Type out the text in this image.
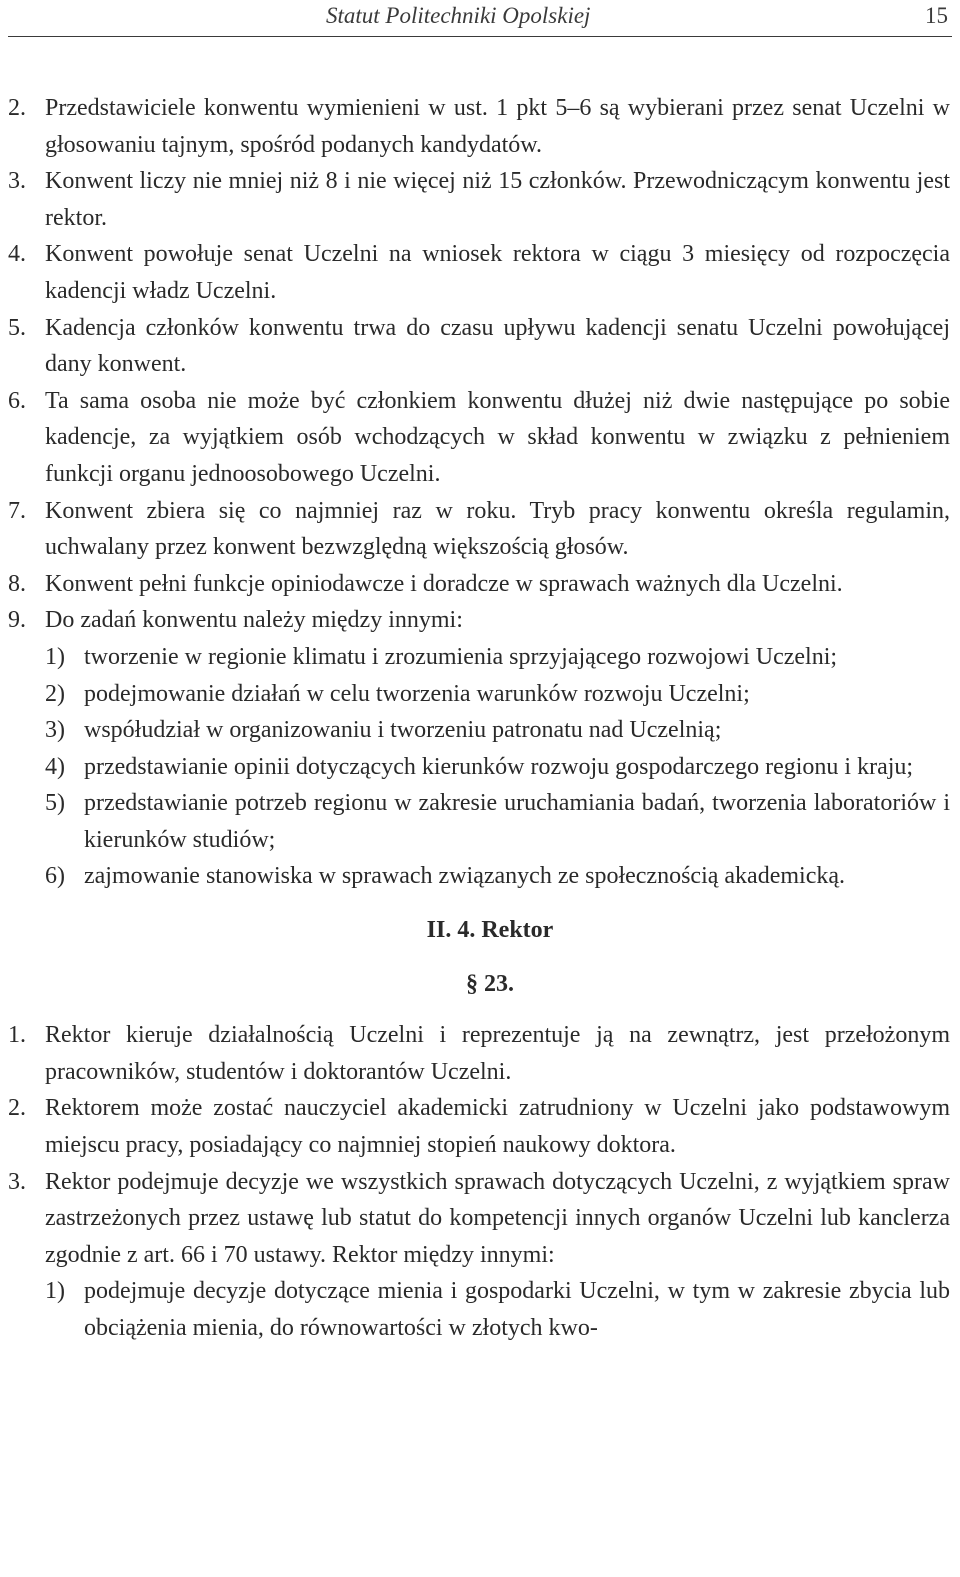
Statut Politechniki Opolskiej	15

2. Przedstawiciele konwentu wymienieni w ust. 1 pkt 5–6 są wybierani przez senat Uczelni w głosowaniu tajnym, spośród podanych kandydatów.

3. Konwent liczy nie mniej niż 8 i nie więcej niż 15 członków. Przewodniczącym konwentu jest rektor.

4. Konwent powołuje senat Uczelni na wniosek rektora w ciągu 3 miesięcy od rozpoczęcia kadencji władz Uczelni.

5. Kadencja członków konwentu trwa do czasu upływu kadencji senatu Uczelni powołującej dany konwent.

6. Ta sama osoba nie może być członkiem konwentu dłużej niż dwie następujące po sobie kadencje, za wyjątkiem osób wchodzących w skład konwentu w związku z pełnieniem funkcji organu jednoosobowego Uczelni.

7. Konwent zbiera się co najmniej raz w roku. Tryb pracy konwentu określa regulamin, uchwalany przez konwent bezwzględną większością głosów.

8. Konwent pełni funkcje opiniodawcze i doradcze w sprawach ważnych dla Uczelni.

9. Do zadań konwentu należy między innymi:

1) tworzenie w regionie klimatu i zrozumienia sprzyjającego rozwojowi Uczelni;

2) podejmowanie działań w celu tworzenia warunków rozwoju Uczelni;

3) współudział w organizowaniu i tworzeniu patronatu nad Uczelnią;

4) przedstawianie opinii dotyczących kierunków rozwoju gospodarczego regionu i kraju;

5) przedstawianie potrzeb regionu w zakresie uruchamiania badań, tworzenia laboratoriów i kierunków studiów;

6) zajmowanie stanowiska w sprawach związanych ze społecznością akademicką.

II. 4. Rektor

§ 23.

1. Rektor kieruje działalnością Uczelni i reprezentuje ją na zewnątrz, jest przełożonym pracowników, studentów i doktorantów Uczelni.

2. Rektorem może zostać nauczyciel akademicki zatrudniony w Uczelni jako podstawowym miejscu pracy, posiadający co najmniej stopień naukowy doktora.

3. Rektor podejmuje decyzje we wszystkich sprawach dotyczących Uczelni, z wyjątkiem spraw zastrzeżonych przez ustawę lub statut do kompetencji innych organów Uczelni lub kanclerza zgodnie z art. 66 i 70 ustawy. Rektor między innymi:

1) podejmuje decyzje dotyczące mienia i gospodarki Uczelni, w tym w zakresie zbycia lub obciążenia mienia, do równowartości w złotych kwo-
